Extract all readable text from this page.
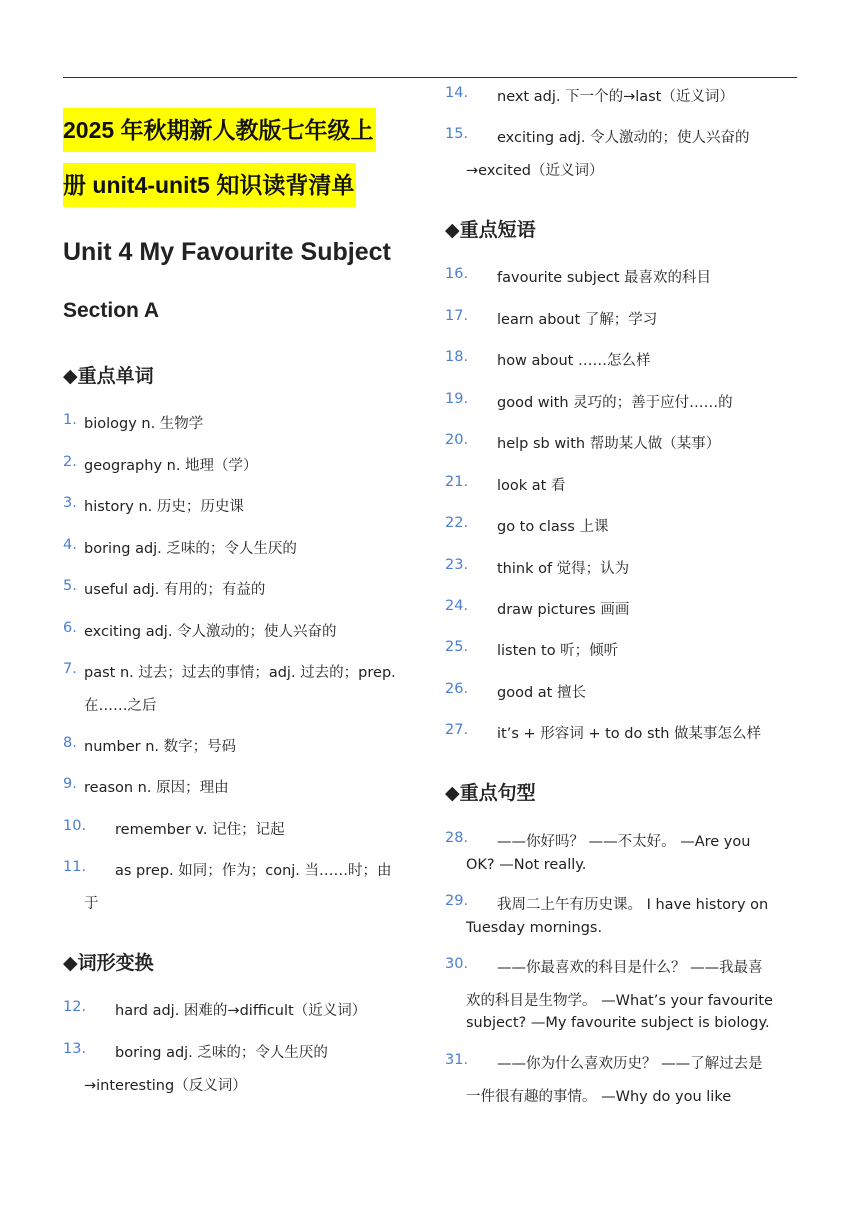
2025 年秋期新人教版七年级上
册 unit4-unit5 知识读背清单
Unit 4 My Favourite Subject
Section A
◆重点单词
1. biology n. 生物学
2. geography n. 地理（学）
3. history n. 历史；历史课
4. boring adj. 乏味的；令人生厌的
5. useful adj. 有用的；有益的
6. exciting adj. 令人激动的；使人兴奋的
7. past n. 过去；过去的事情；adj. 过去的；prep.
在……之后
8. number n. 数字；号码
9. reason n. 原因；理由
10. remember v. 记住；记起
11. as prep. 如同；作为；conj. 当……时；由
于
◆词形变换
12. hard adj. 困难的→difficult（近义词）
13. boring adj. 乏味的；令人生厌的
→interesting（反义词）
14. next adj. 下一个的→last（近义词）
15. exciting adj. 令人激动的；使人兴奋的
→excited（近义词）
◆重点短语
16. favourite subject 最喜欢的科目
17. learn about 了解；学习
18. how about ……怎么样
19. good with 灵巧的；善于应付……的
20. help sb with 帮助某人做（某事）
21. look at 看
22. go to class 上课
23. think of 觉得；认为
24. draw pictures 画画
25. listen to 听；倾听
26. good at 擅长
27. it’s + 形容词 + to do sth 做某事怎么样
◆重点句型
28. ——你好吗？ ——不太好。 —Are you
OK? —Not really.
29. 我周二上午有历史课。 I have history on
Tuesday mornings.
30. ——你最喜欢的科目是什么？ ——我最喜
欢的科目是生物学。 —What’s your favourite
subject? —My favourite subject is biology.
31. ——你为什么喜欢历史？ ——了解过去是
一件很有趣的事情。 —Why do you like
